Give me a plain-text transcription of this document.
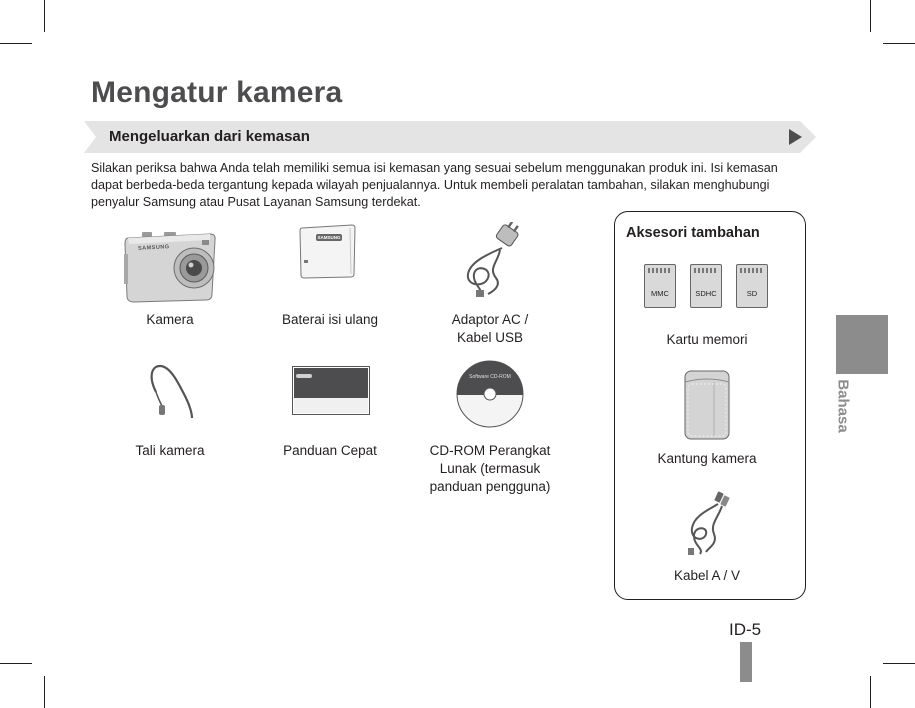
Mengatur kamera
Mengeluarkan dari kemasan
Silakan periksa bahwa Anda telah memiliki semua isi kemasan yang sesuai sebelum menggunakan produk ini. Isi kemasan dapat berbeda-beda tergantung kepada wilayah penjualannya. Untuk membeli peralatan tambahan, silakan menghubungi penyalur Samsung atau Pusat Layanan Samsung terdekat.
SAMSUNG
Kamera
SAMSUNG
Baterai isi ulang	Adaptor AC / Kabel USB
Tali kamera	Panduan Cepat
Software CD-ROM
CD-ROM Perangkat Lunak (termasuk panduan pengguna)
Aksesori tambahan
MMC	SDHC	SD
Kartu memori
Kantung kamera
Kabel A / V
Bahasa
ID-5
